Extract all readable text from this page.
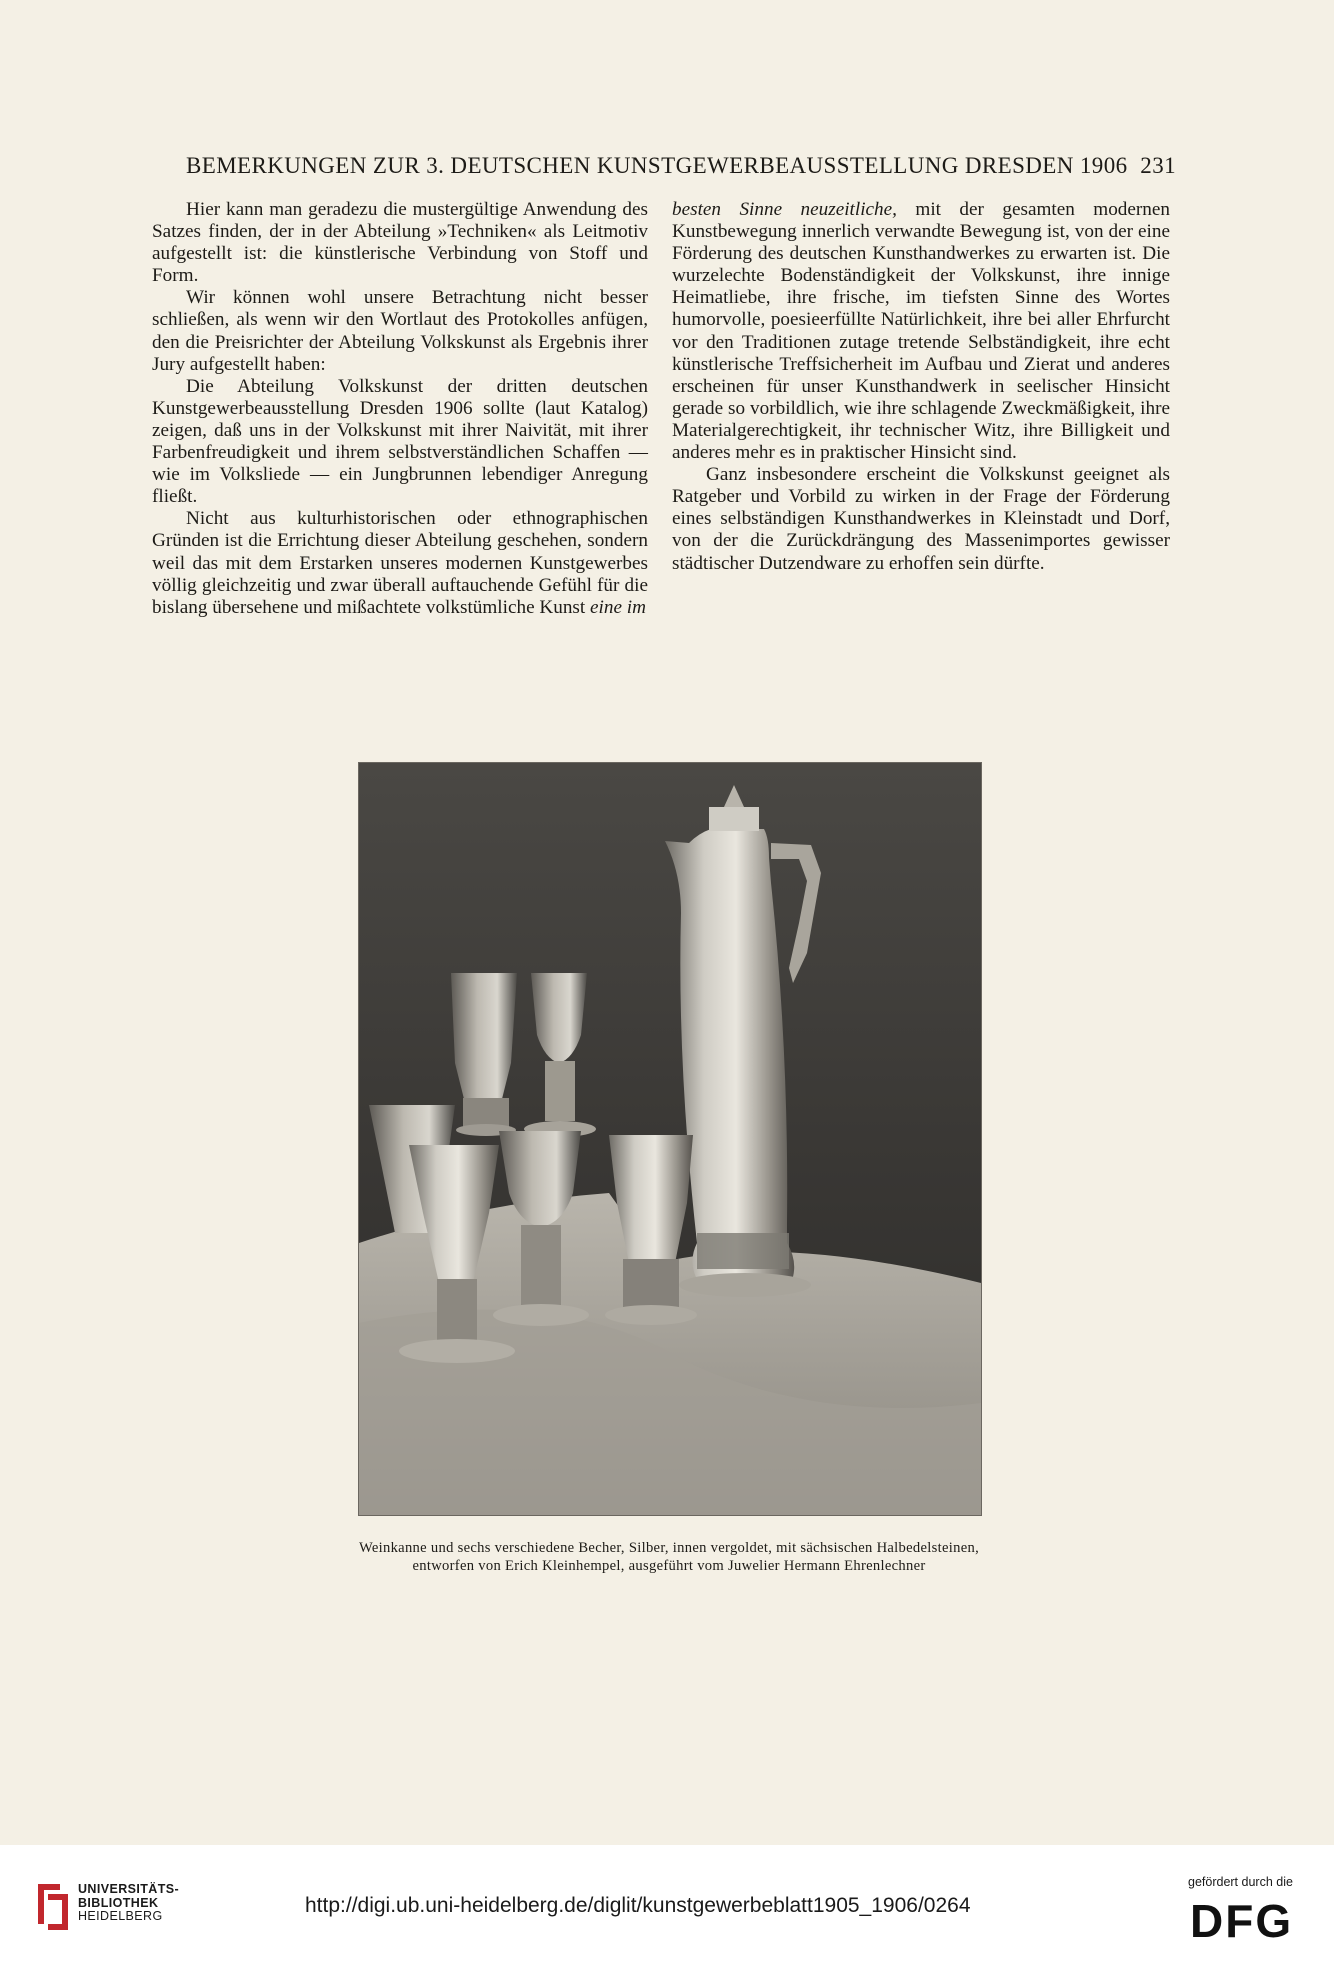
BEMERKUNGEN ZUR 3. DEUTSCHEN KUNSTGEWERBEAUSSTELLUNG DRESDEN 1906 231

Hier kann man geradezu die mustergültige Anwendung des Satzes finden, der in der Abteilung »Techniken« als Leitmotiv aufgestellt ist: die künstlerische Verbindung von Stoff und Form.

Wir können wohl unsere Betrachtung nicht besser schließen, als wenn wir den Wortlaut des Protokolles anfügen, den die Preisrichter der Abteilung Volkskunst als Ergebnis ihrer Jury aufgestellt haben:

Die Abteilung Volkskunst der dritten deutschen Kunstgewerbeausstellung Dresden 1906 sollte (laut Katalog) zeigen, daß uns in der Volkskunst mit ihrer Naivität, mit ihrer Farbenfreudigkeit und ihrem selbstverständlichen Schaffen — wie im Volksliede — ein Jungbrunnen lebendiger Anregung fließt.

Nicht aus kulturhistorischen oder ethnographischen Gründen ist die Errichtung dieser Abteilung geschehen, sondern weil das mit dem Erstarken unseres modernen Kunstgewerbes völlig gleichzeitig und zwar überall auftauchende Gefühl für die bislang übersehene und mißachtete volkstümliche Kunst eine im

besten Sinne neuzeitliche, mit der gesamten modernen Kunstbewegung innerlich verwandte Bewegung ist, von der eine Förderung des deutschen Kunsthandwerkes zu erwarten ist. Die wurzelechte Bodenständigkeit der Volkskunst, ihre innige Heimatliebe, ihre frische, im tiefsten Sinne des Wortes humorvolle, poesieerfüllte Natürlichkeit, ihre bei aller Ehrfurcht vor den Traditionen zutage tretende Selbständigkeit, ihre echt künstlerische Treffsicherheit im Aufbau und Zierat und anderes erscheinen für unser Kunsthandwerk in seelischer Hinsicht gerade so vorbildlich, wie ihre schlagende Zweckmäßigkeit, ihre Materialgerechtigkeit, ihr technischer Witz, ihre Billigkeit und anderes mehr es in praktischer Hinsicht sind.

Ganz insbesondere erscheint die Volkskunst geeignet als Ratgeber und Vorbild zu wirken in der Frage der Förderung eines selbständigen Kunsthandwerkes in Kleinstadt und Dorf, von der die Zurückdrängung des Massenimportes gewisser städtischer Dutzendware zu erhoffen sein dürfte.

Weinkanne und sechs verschiedene Becher, Silber, innen vergoldet, mit sächsischen Halbedelsteinen,
entworfen von Erich Kleinhempel, ausgeführt vom Juwelier Hermann Ehrenlechner
UNIVERSITÄTS-
BIBLIOTHEK
HEIDELBERG	http://digi.ub.uni-heidelberg.de/diglit/kunstgewerbeblatt1905_1906/0264
gefördert durch die
DFG
